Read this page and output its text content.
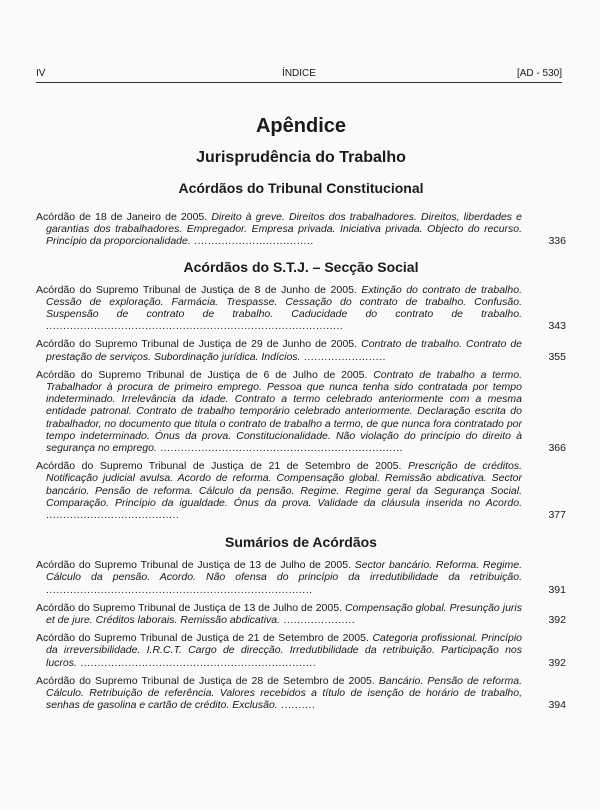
IV	ÍNDICE	[AD - 530]
Apêndice
Jurisprudência do Trabalho
Acórdãos do Tribunal Constitucional
Acórdão de 18 de Janeiro de 2005. Direito à greve. Direitos dos trabalhadores. Direitos, liberdades e garantias dos trabalhadores. Empregador. Empresa privada. Iniciativa privada. Objecto do recurso. Princípio da proporcionalidade. ...................................	336
Acórdãos do S.T.J. – Secção Social
Acórdão do Supremo Tribunal de Justiça de 8 de Junho de 2005. Extinção do contrato de trabalho. Cessão de exploração. Farmácia. Trespasse. Cessação do contrato de trabalho. Confusão. Suspensão de contrato de trabalho. Caducidade do contrato de trabalho. .......................................................................................	343
Acórdão do Supremo Tribunal de Justiça de 29 de Junho de 2005. Contrato de trabalho. Contrato de prestação de serviços. Subordinação jurídica. Indícios. ........................	355
Acórdão do Supremo Tribunal de Justiça de 6 de Julho de 2005. Contrato de trabalho a termo. Trabalhador à procura de primeiro emprego. Pessoa que nunca tenha sido contratada por tempo indeterminado. Irrelevância da idade. Contrato a termo celebrado anteriormente com a mesma entidade patronal. Contrato de trabalho temporário celebrado anteriormente. Declaração escrita do trabalhador, no documento que titula o contrato de trabalho a termo, de que nunca fora contratado por tempo indeterminado. Ónus da prova. Constitucionalidade. Não violação do princípio do direito à segurança no emprego. .......................................................................	366
Acórdão do Supremo Tribunal de Justiça de 21 de Setembro de 2005. Prescrição de créditos. Notificação judicial avulsa. Acordo de reforma. Compensação global. Remissão abdicativa. Sector bancário. Pensão de reforma. Cálculo da pensão. Regime. Regime geral da Segurança Social. Comparação. Princípio da igualdade. Ónus da prova. Validade da cláusula inserida no Acordo. .......................................	377
Sumários de Acórdãos
Acórdão do Supremo Tribunal de Justiça de 13 de Julho de 2005. Sector bancário. Reforma. Regime. Cálculo da pensão. Acordo. Não ofensa do princípio da irredutibilidade da retribuição. ..............................................................................	391
Acórdão do Supremo Tribunal de Justiça de 13 de Julho de 2005. Compensação global. Presunção juris et de jure. Créditos laborais. Remissão abdicativa. .....................	392
Acórdão do Supremo Tribunal de Justiça de 21 de Setembro de 2005. Categoria profissional. Princípio da irreversibilidade. I.R.C.T. Cargo de direcção. Irredutibilidade da retribuição. Participação nos lucros. .....................................................................	392
Acórdão do Supremo Tribunal de Justiça de 28 de Setembro de 2005. Bancário. Pensão de reforma. Cálculo. Retribuição de referência. Valores recebidos a título de isenção de horário de trabalho, senhas de gasolina e cartão de crédito. Exclusão. ..........	394
